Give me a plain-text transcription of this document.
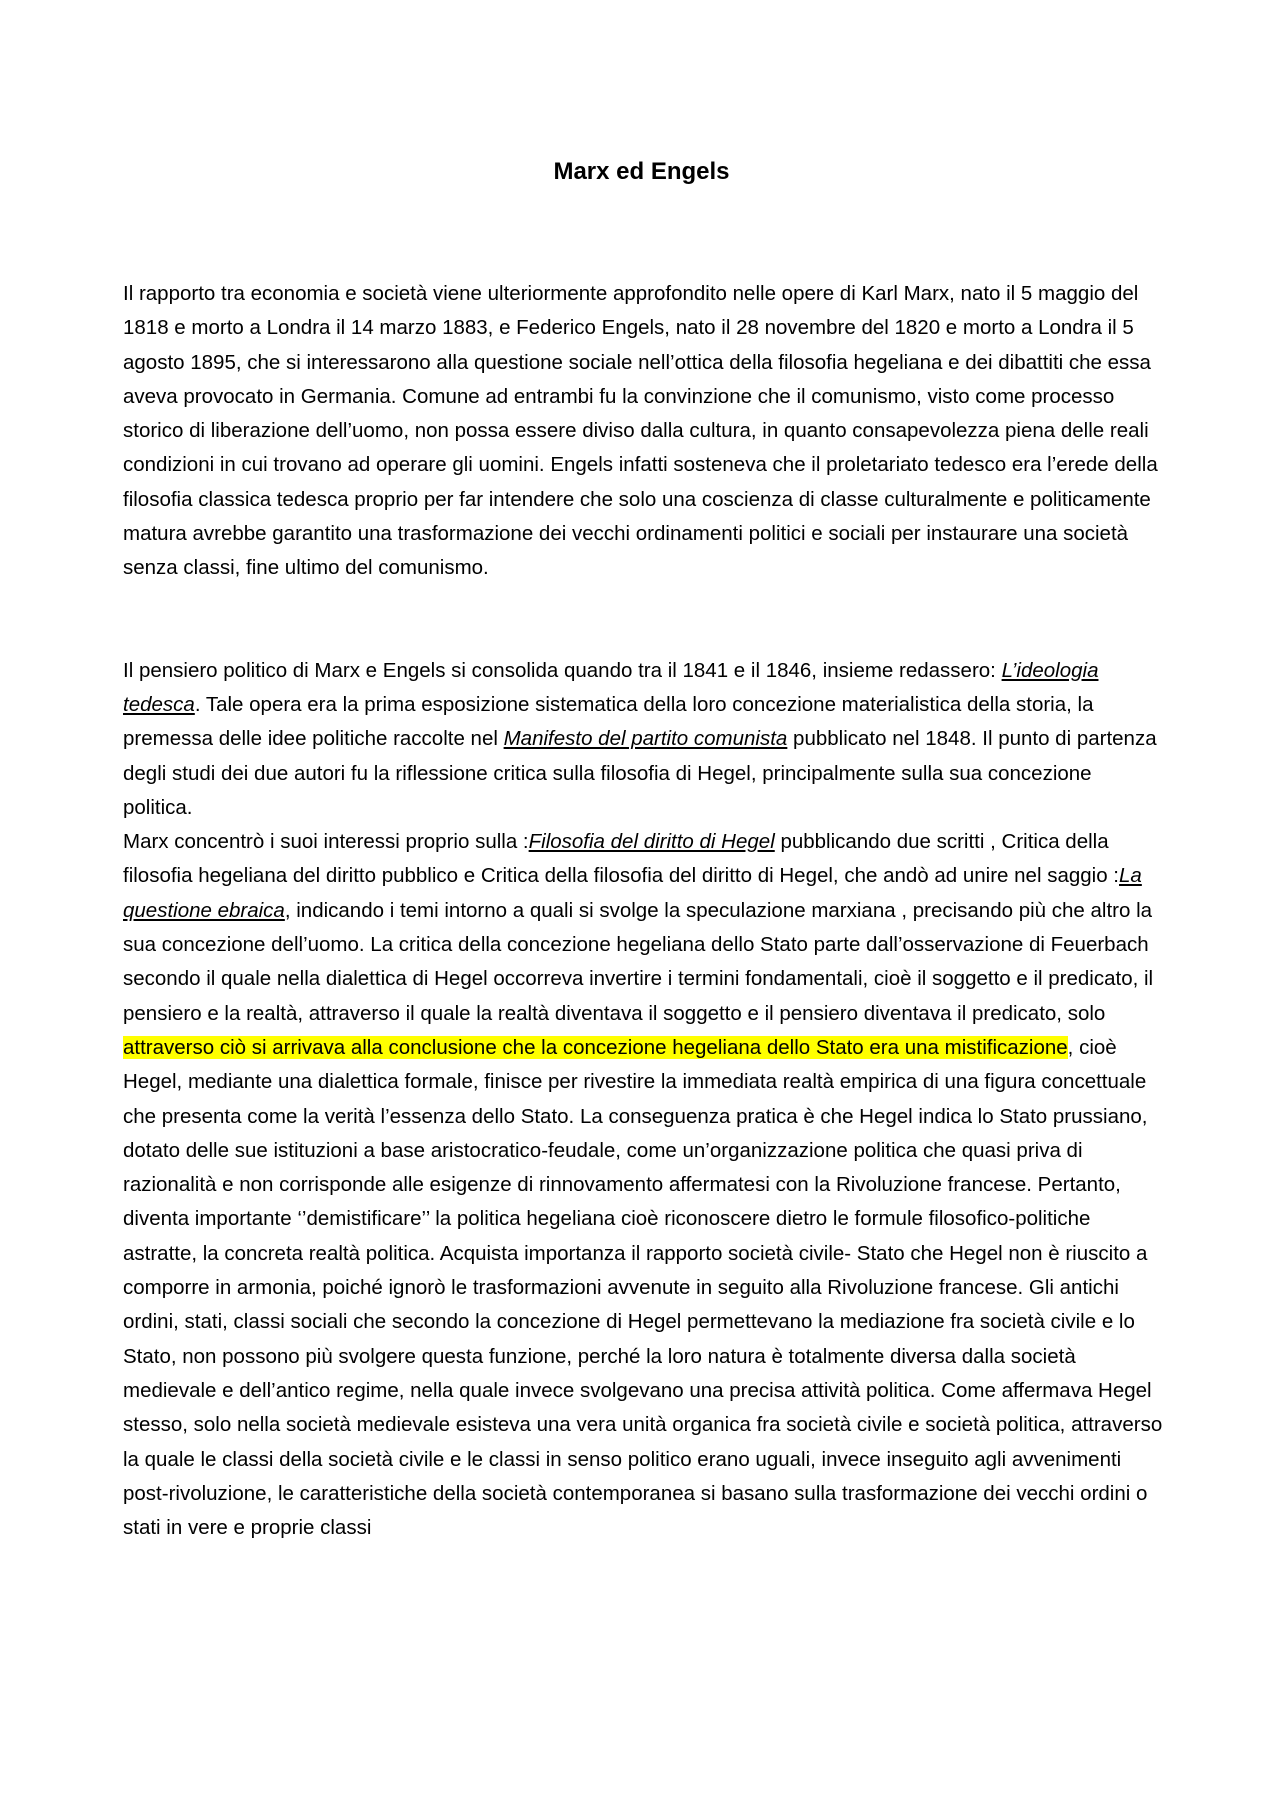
Marx ed Engels

Il rapporto tra economia e società viene ulteriormente approfondito nelle opere di Karl Marx, nato il 5 maggio del 1818 e morto a Londra il 14 marzo 1883, e Federico Engels, nato il 28 novembre del 1820 e morto a Londra il 5 agosto 1895, che si interessarono alla questione sociale nell’ottica della filosofia hegeliana e dei dibattiti che essa aveva provocato in Germania. Comune ad entrambi fu la convinzione che il comunismo, visto come processo storico di liberazione dell’uomo, non possa essere diviso dalla cultura, in quanto consapevolezza piena delle reali condizioni in cui trovano ad operare gli uomini. Engels infatti sosteneva che il proletariato tedesco era l’erede della filosofia classica tedesca proprio per far intendere che solo una coscienza di classe culturalmente e politicamente matura avrebbe garantito una trasformazione dei vecchi ordinamenti politici e sociali per instaurare una società senza classi, fine ultimo del comunismo.

Il pensiero politico di Marx e Engels si consolida quando tra il 1841 e il 1846, insieme redassero: L’ideologia tedesca. Tale opera era la prima esposizione sistematica della loro concezione materialistica della storia, la premessa delle idee politiche raccolte nel Manifesto del partito comunista pubblicato nel 1848. Il punto di partenza degli studi dei due autori fu la riflessione critica sulla filosofia di Hegel, principalmente sulla sua concezione politica.

Marx concentrò i suoi interessi proprio sulla :Filosofia del diritto di Hegel pubblicando due scritti , Critica della filosofia hegeliana del diritto pubblico e Critica della filosofia del diritto di Hegel, che andò ad unire nel saggio :La questione ebraica, indicando i temi intorno a quali si svolge la speculazione marxiana , precisando più che altro la sua concezione dell’uomo. La critica della concezione hegeliana dello Stato parte dall’osservazione di Feuerbach secondo il quale nella dialettica di Hegel occorreva invertire i termini fondamentali, cioè il soggetto e il predicato, il pensiero e la realtà, attraverso il quale la realtà diventava il soggetto e il pensiero diventava il predicato, solo attraverso ciò si arrivava alla conclusione che la concezione hegeliana dello Stato era una mistificazione, cioè Hegel, mediante una dialettica formale, finisce per rivestire la immediata realtà empirica di una figura concettuale che presenta come la verità l’essenza dello Stato. La conseguenza pratica è che Hegel indica lo Stato prussiano, dotato delle sue istituzioni a base aristocratico-feudale, come un’organizzazione politica che quasi priva di razionalità e non corrisponde alle esigenze di rinnovamento affermatesi con la Rivoluzione francese. Pertanto, diventa importante ‘’demistificare’’ la politica hegeliana cioè riconoscere dietro le formule filosofico-politiche astratte, la concreta realtà politica. Acquista importanza il rapporto società civile- Stato che Hegel non è riuscito a comporre in armonia, poiché ignorò le trasformazioni avvenute in seguito alla Rivoluzione francese. Gli antichi ordini, stati, classi sociali che secondo la concezione di Hegel permettevano la mediazione fra società civile e lo Stato, non possono più svolgere questa funzione, perché la loro natura è totalmente diversa dalla società medievale e dell’antico regime, nella quale invece svolgevano una precisa attività politica. Come affermava Hegel stesso, solo nella società medievale esisteva una vera unità organica fra società civile e società politica, attraverso la quale le classi della società civile e le classi in senso politico erano uguali, invece inseguito agli avvenimenti post-rivoluzione, le caratteristiche della società contemporanea si basano sulla trasformazione dei vecchi ordini o stati in vere e proprie classi
